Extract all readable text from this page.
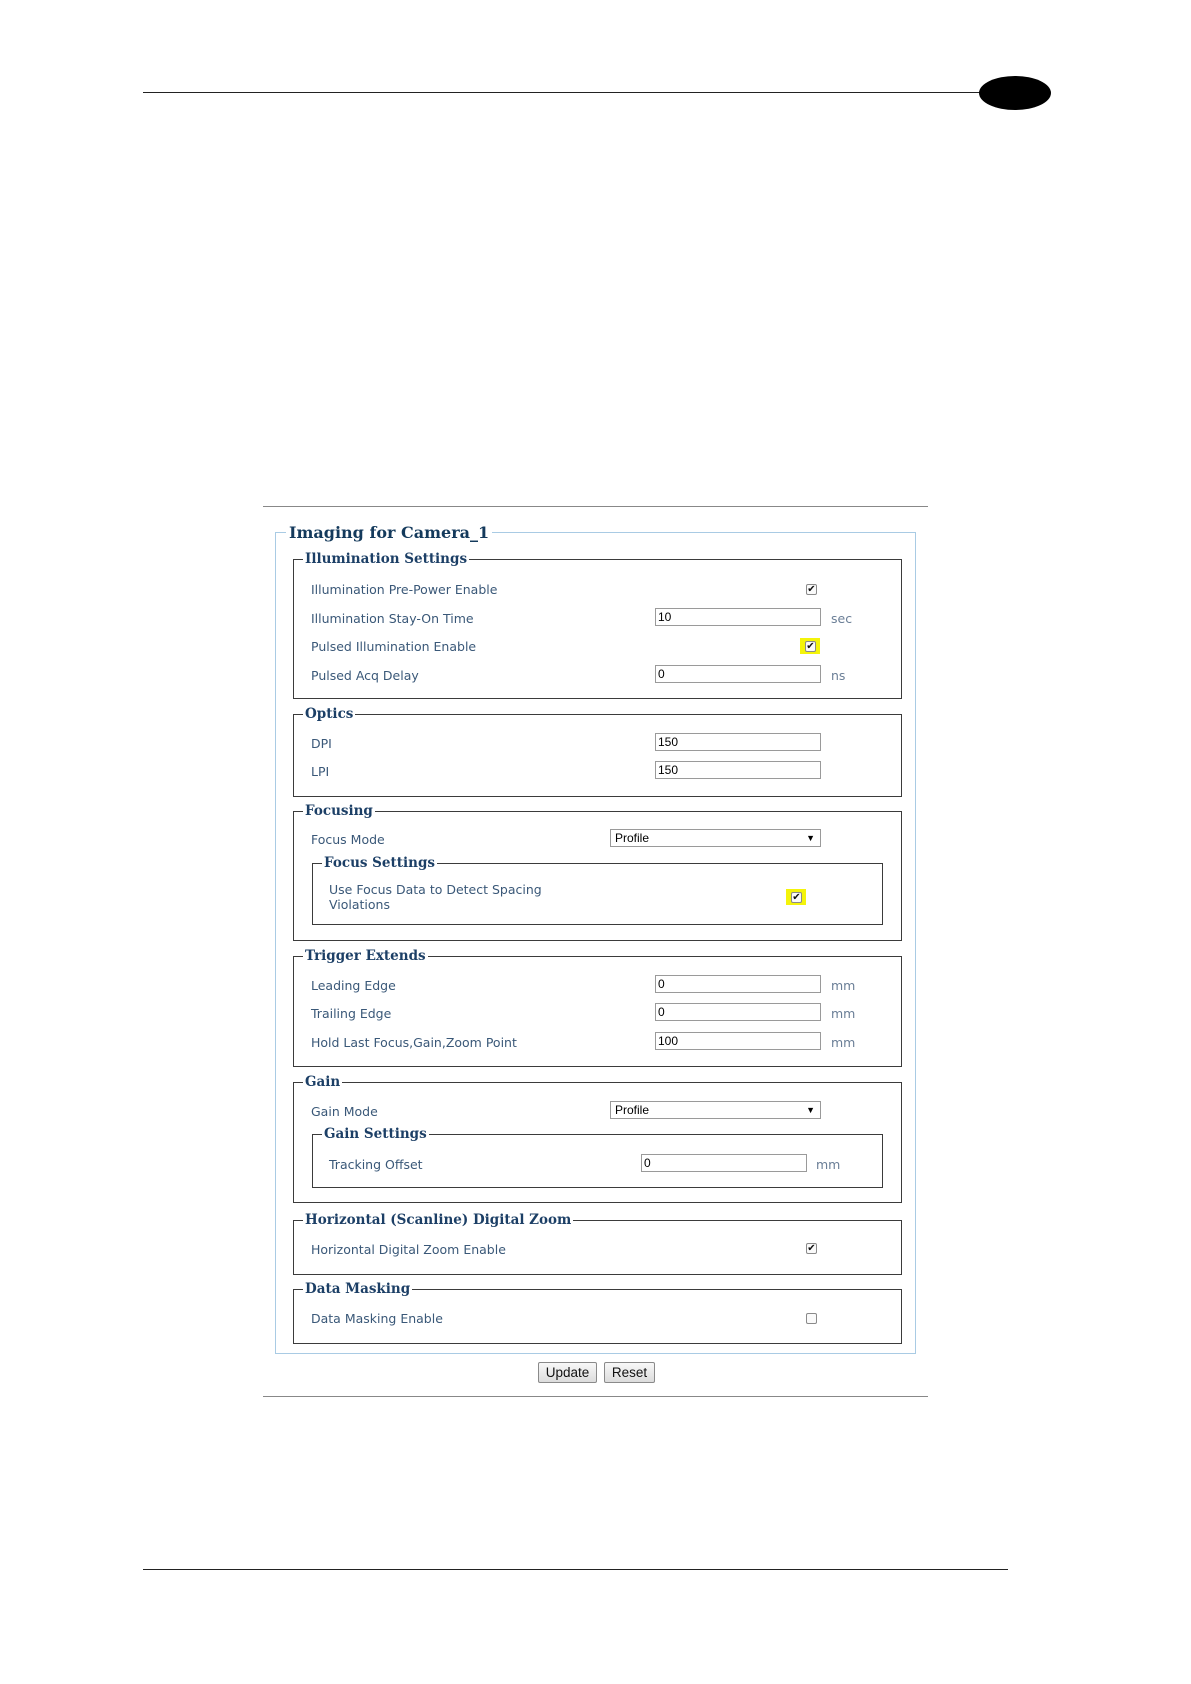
Imaging for Camera_1
Illumination Settings
Illumination Pre-Power Enable	✔
Illumination Stay-On Time	10	sec
Pulsed Illumination Enable	✔
Pulsed Acq Delay	0	ns
Optics
DPI	150
LPI	150
Focusing
Focus Mode	Profile	▼
Focus Settings
Use Focus Data to Detect Spacing
Violations	✔
Trigger Extends
Leading Edge	0	mm
Trailing Edge	0	mm
Hold Last Focus,Gain,Zoom Point	100	mm
Gain
Gain Mode	Profile	▼
Gain Settings
Tracking Offset	0	mm
Horizontal (Scanline) Digital Zoom
Horizontal Digital Zoom Enable	✔
Data Masking
Data Masking Enable
Update	Reset
